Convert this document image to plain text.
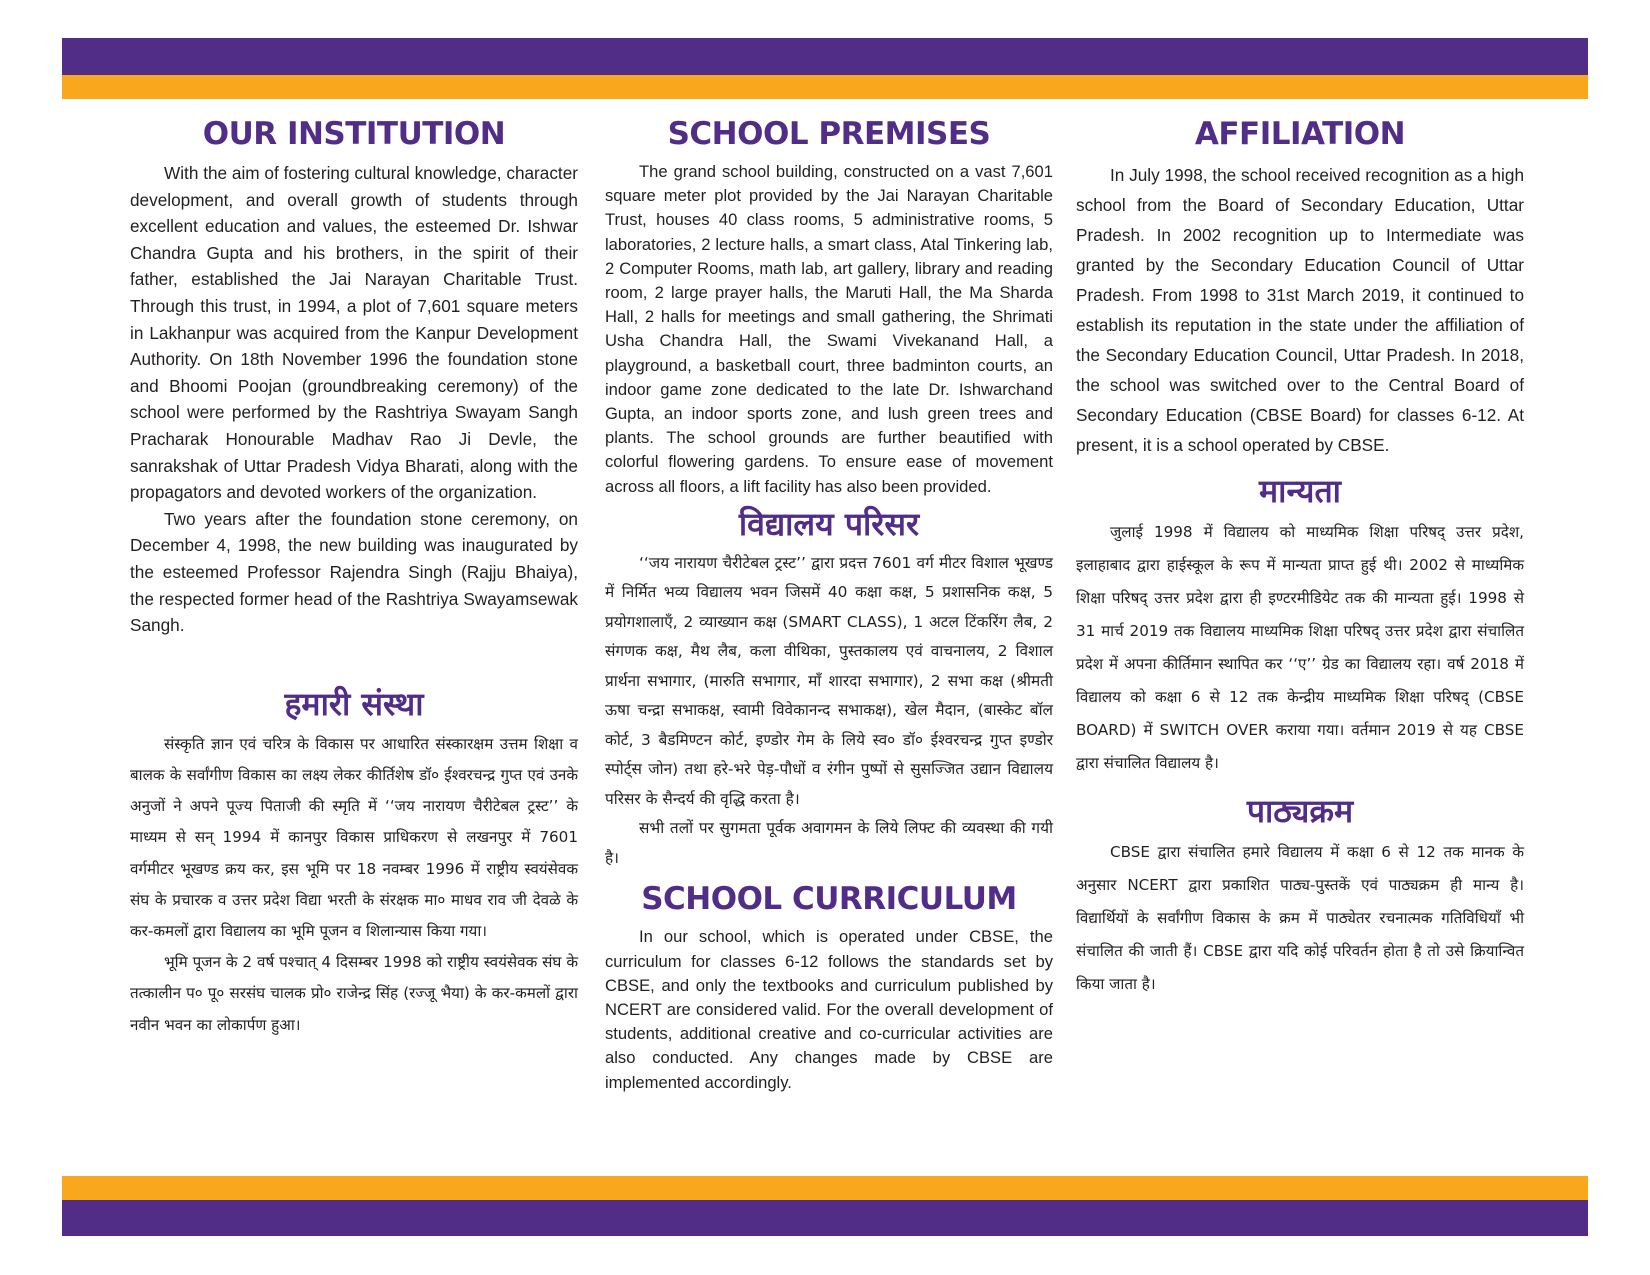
OUR INSTITUTION

With the aim of fostering cultural knowledge, character development, and overall growth of students through excellent education and values, the esteemed Dr. Ishwar Chandra Gupta and his brothers, in the spirit of their father, established the Jai Narayan Charitable Trust. Through this trust, in 1994, a plot of 7,601 square meters in Lakhanpur was acquired from the Kanpur Development Authority. On 18th November 1996 the foundation stone and Bhoomi Poojan (groundbreaking ceremony) of the school were performed by the Rashtriya Swayam Sangh Pracharak Honourable Madhav Rao Ji Devle, the sanrakshak of Uttar Pradesh Vidya Bharati, along with the propagators and devoted workers of the organization.

Two years after the foundation stone ceremony, on December 4, 1998, the new building was inaugurated by the esteemed Professor Rajendra Singh (Rajju Bhaiya), the respected former head of the Rashtriya Swayamsewak Sangh.

हमारी संस्था

संस्कृति ज्ञान एवं चरित्र के विकास पर आधारित संस्कारक्षम उत्तम शिक्षा व बालक के सर्वांगीण विकास का लक्ष्य लेकर कीर्तिशेष डॉ० ईश्वरचन्द्र गुप्त एवं उनके अनुजों ने अपने पूज्य पिताजी की स्मृति में ‘‘जय नारायण चैरीटेबल ट्रस्ट’’ के माध्यम से सन् 1994 में कानपुर विकास प्राधिकरण से लखनपुर में 7601 वर्गमीटर भूखण्ड क्रय कर, इस भूमि पर 18 नवम्बर 1996 में राष्ट्रीय स्वयंसेवक संघ के प्रचारक व उत्तर प्रदेश विद्या भरती के संरक्षक मा० माधव राव जी देवळे के कर-कमलों द्वारा विद्यालय का भूमि पूजन व शिलान्यास किया गया।

भूमि पूजन के 2 वर्ष पश्चात् 4 दिसम्बर 1998 को राष्ट्रीय स्वयंसेवक संघ के तत्कालीन प० पू० सरसंघ चालक प्रो० राजेन्द्र सिंह (रज्जू भैया) के कर-कमलों द्वारा नवीन भवन का लोकार्पण हुआ।

SCHOOL PREMISES

The grand school building, constructed on a vast 7,601 square meter plot provided by the Jai Narayan Charitable Trust, houses 40 class rooms, 5 administrative rooms, 5 laboratories, 2 lecture halls, a smart class, Atal Tinkering lab, 2 Computer Rooms, math lab, art gallery, library and reading room, 2 large prayer halls, the Maruti Hall, the Ma Sharda Hall, 2 halls for meetings and small gathering, the Shrimati Usha Chandra Hall, the Swami Vivekanand Hall, a playground, a basketball court, three badminton courts, an indoor game zone dedicated to the late Dr. Ishwarchand Gupta, an indoor sports zone, and lush green trees and plants. The school grounds are further beautified with colorful flowering gardens. To ensure ease of movement across all floors, a lift facility has also been provided.

विद्यालय परिसर

‘‘जय नारायण चैरीटेबल ट्रस्ट’’ द्वारा प्रदत्त 7601 वर्ग मीटर विशाल भूखण्ड में निर्मित भव्य विद्यालय भवन जिसमें 40 कक्षा कक्ष, 5 प्रशासनिक कक्ष, 5 प्रयोगशालाएँ, 2 व्याख्यान कक्ष (SMART CLASS), 1 अटल टिंकरिंग लैब, 2 संगणक कक्ष, मैथ लैब, कला वीथिका, पुस्तकालय एवं वाचनालय, 2 विशाल प्रार्थना सभागार, (मारुति सभागार, माँ शारदा सभागार), 2 सभा कक्ष (श्रीमती ऊषा चन्द्रा सभाकक्ष, स्वामी विवेकानन्द सभाकक्ष), खेल मैदान, (बास्केट बॉल कोर्ट, 3 बैडमिण्टन कोर्ट, इण्डोर गेम के लिये स्व० डॉ० ईश्वरचन्द्र गुप्त इण्डोर स्पोर्ट्स जोन) तथा हरे-भरे पेड़-पौधों व रंगीन पुष्पों से सुसज्जित उद्यान विद्यालय परिसर के सैन्दर्य की वृद्धि करता है।

सभी तलों पर सुगमता पूर्वक अवागमन के लिये लिफ्ट की व्यवस्था की गयी है।

SCHOOL CURRICULUM

In our school, which is operated under CBSE, the curriculum for classes 6-12 follows the standards set by CBSE, and only the textbooks and curriculum published by NCERT are considered valid. For the overall development of students, additional creative and co-curricular activities are also conducted. Any changes made by CBSE are implemented accordingly.

AFFILIATION

In July 1998, the school received recognition as a high school from the Board of Secondary Education, Uttar Pradesh. In 2002 recognition up to Intermediate was granted by the Secondary Education Council of Uttar Pradesh. From 1998 to 31st March 2019, it continued to establish its reputation in the state under the affiliation of the Secondary Education Council, Uttar Pradesh. In 2018, the school was switched over to the Central Board of Secondary Education (CBSE Board) for classes 6-12. At present, it is a school operated by CBSE.

मान्यता

जुलाई 1998 में विद्यालय को माध्यमिक शिक्षा परिषद् उत्तर प्रदेश, इलाहाबाद द्वारा हाईस्कूल के रूप में मान्यता प्राप्त हुई थी। 2002 से माध्यमिक शिक्षा परिषद् उत्तर प्रदेश द्वारा ही इण्टरमीडियेट तक की मान्यता हुई। 1998 से 31 मार्च 2019 तक विद्यालय माध्यमिक शिक्षा परिषद् उत्तर प्रदेश द्वारा संचालित प्रदेश में अपना कीर्तिमान स्थापित कर ‘‘ए’’ ग्रेड का विद्यालय रहा। वर्ष 2018 में विद्यालय को कक्षा 6 से 12 तक केन्द्रीय माध्यमिक शिक्षा परिषद् (CBSE BOARD) में SWITCH OVER कराया गया। वर्तमान 2019 से यह CBSE द्वारा संचालित विद्यालय है।

पाठ्यक्रम

CBSE द्वारा संचालित हमारे विद्यालय में कक्षा 6 से 12 तक मानक के अनुसार NCERT द्वारा प्रकाशित पाठ्य-पुस्तकें एवं पाठ्यक्रम ही मान्य है। विद्यार्थियों के सर्वांगीण विकास के क्रम में पाठ्येतर रचनात्मक गतिविधियाँ भी संचालित की जाती हैं। CBSE द्वारा यदि कोई परिवर्तन होता है तो उसे क्रियान्वित किया जाता है।
